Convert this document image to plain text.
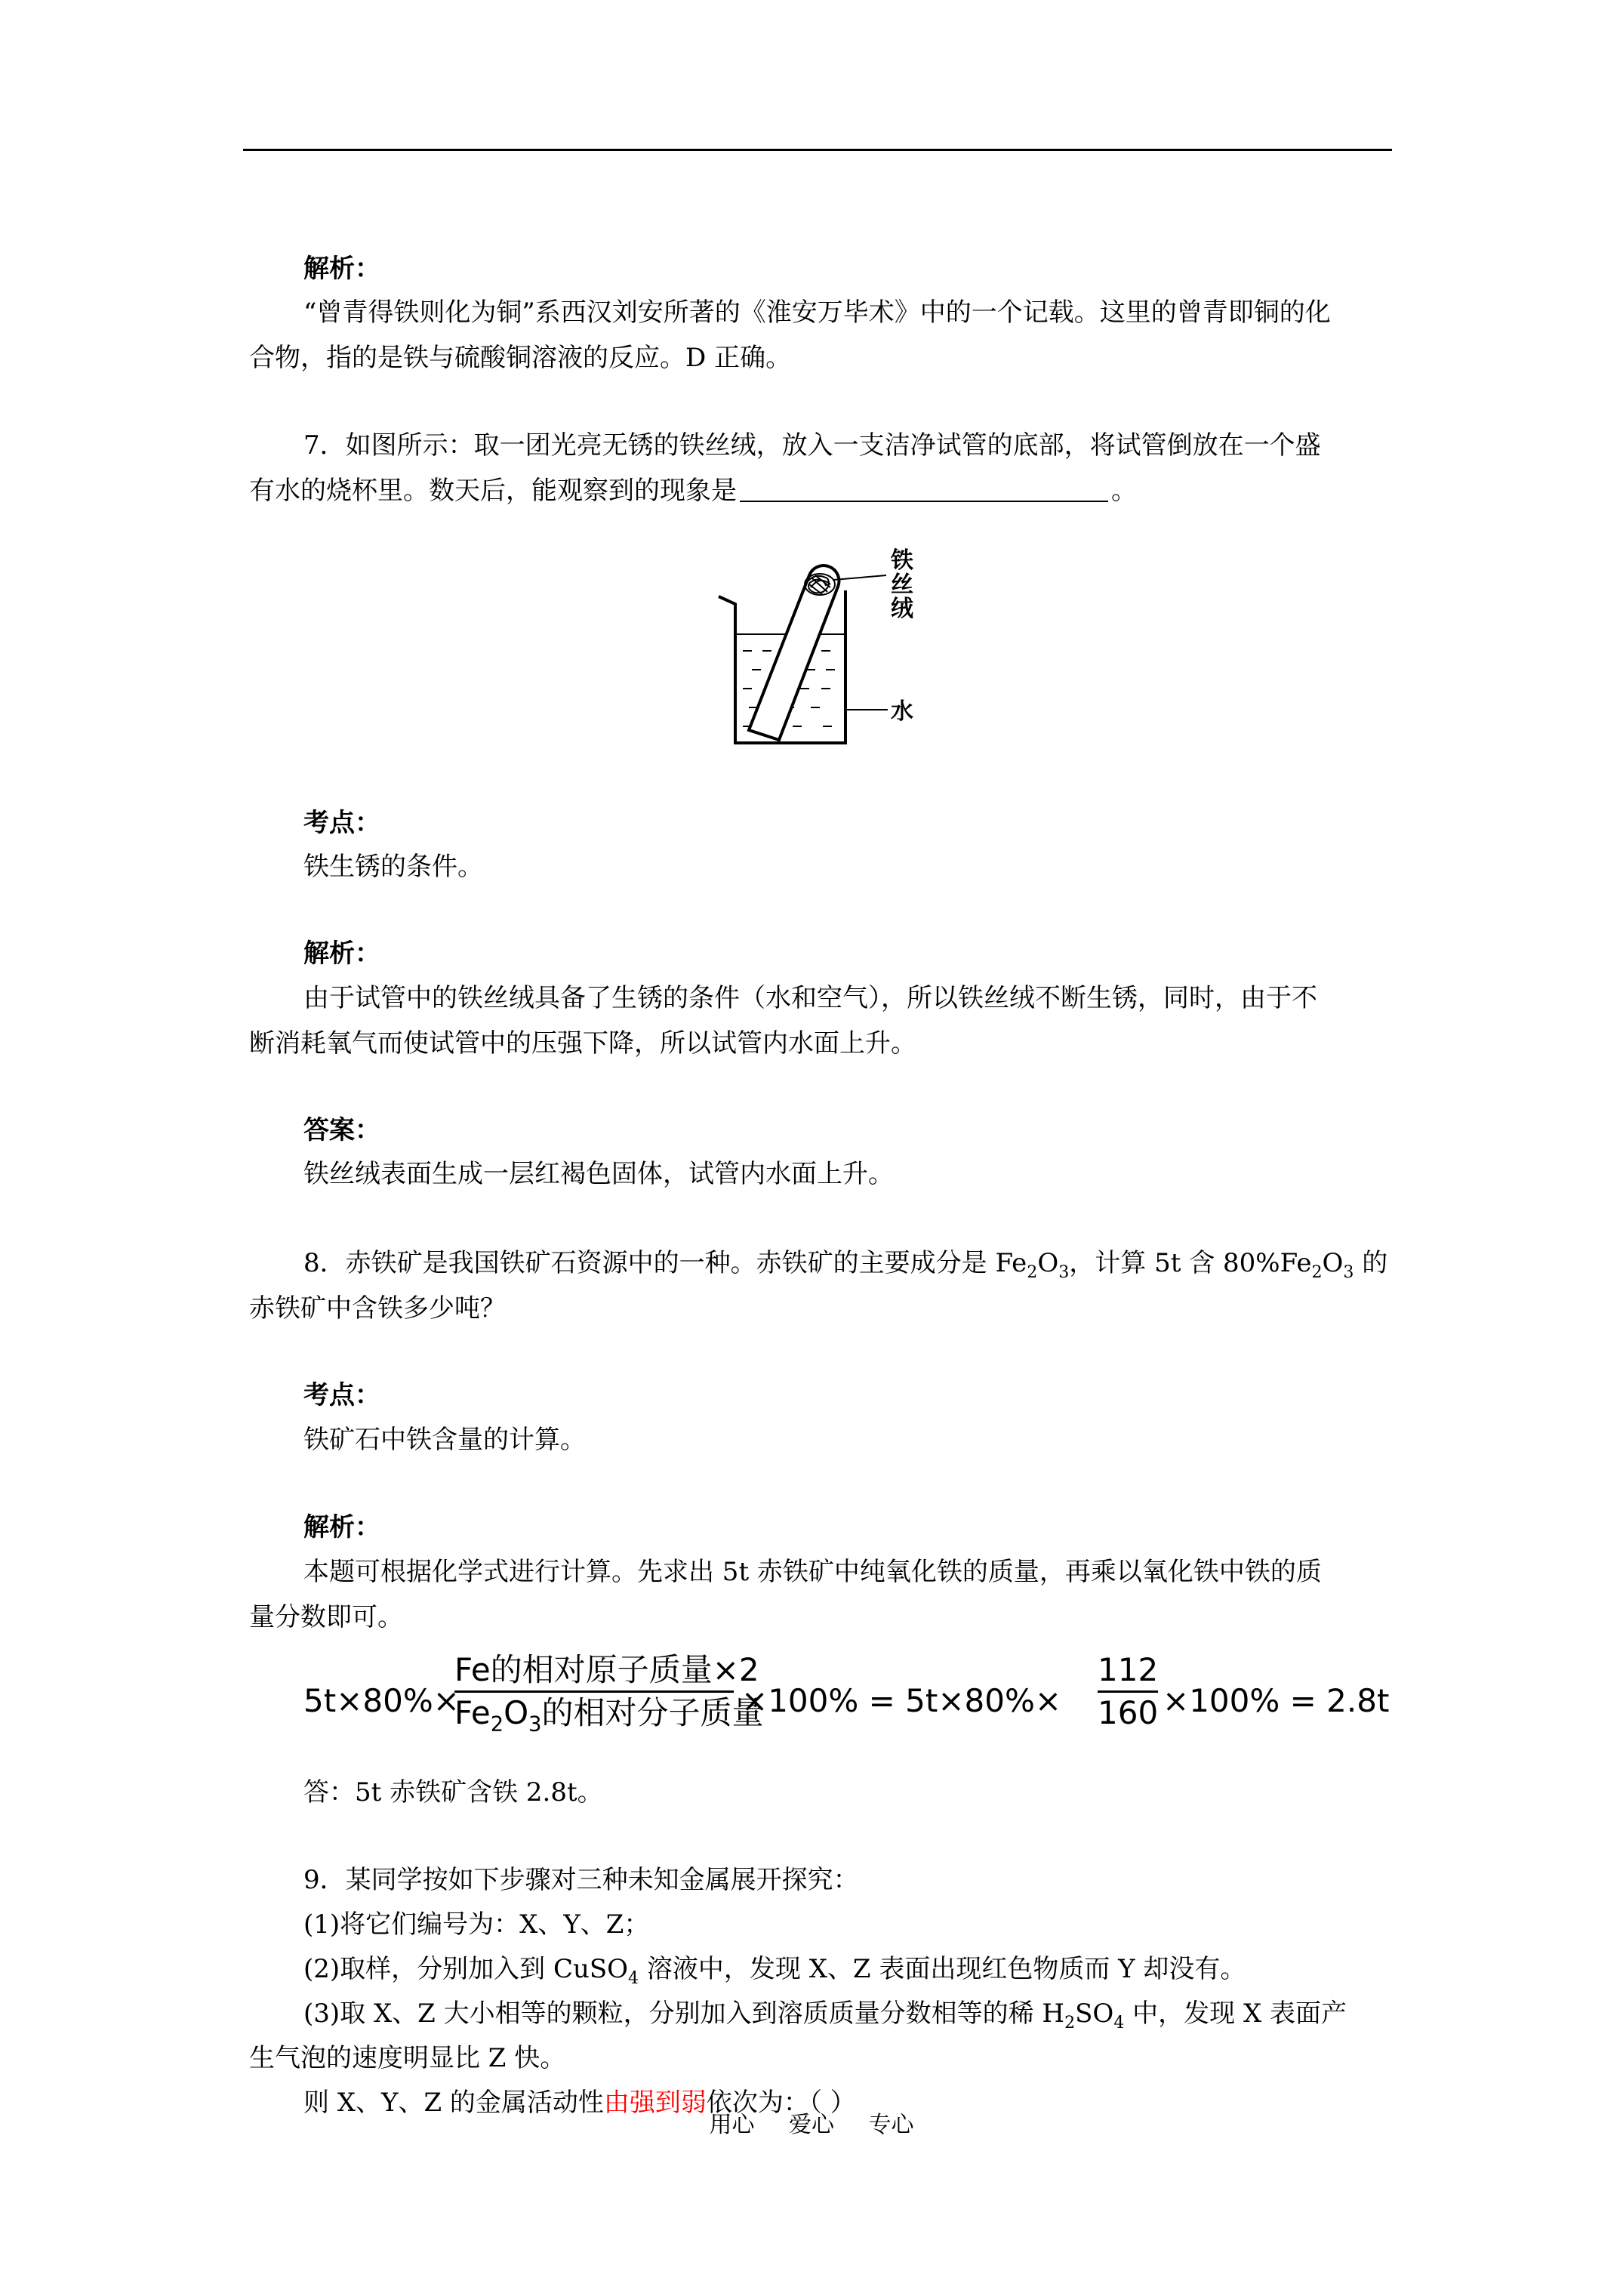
解析：
“曾青得铁则化为铜”系西汉刘安所著的《淮安万毕术》中的一个记载。这里的曾青即铜的化
合物，指的是铁与硫酸铜溶液的反应。D 正确。
7．如图所示：取一团光亮无锈的铁丝绒，放入一支洁净试管的底部，将试管倒放在一个盛
有水的烧杯里。数天后，能观察到的现象是	。
铁
丝
绒
水
考点：
铁生锈的条件。
解析：
由于试管中的铁丝绒具备了生锈的条件（水和空气），所以铁丝绒不断生锈，同时，由于不
断消耗氧气而使试管中的压强下降，所以试管内水面上升。
答案：
铁丝绒表面生成一层红褐色固体，试管内水面上升。
8．赤铁矿是我国铁矿石资源中的一种。赤铁矿的主要成分是 $Fe_2O_3$，计算 5t 含 $80\%Fe_2O_3$ 的
赤铁矿中含铁多少吨？
考点：
铁矿石中铁含量的计算。
解析：
本题可根据化学式进行计算。先求出 5t 赤铁矿中纯氧化铁的质量，再乘以氧化铁中铁的质
量分数即可。
5t×80%×
Fe的相对原子质量×2
$Fe_2O_3$的相对分子质量
$\times 100\% = 5t\times 80\%\times \frac{112}{160} \times 100\% = 2.8t$
答：5t 赤铁矿含铁 2.8t。
9．某同学按如下步骤对三种未知金属展开探究：
(1)将它们编号为：X、Y、Z；
(2)取样，分别加入到 CuSO$_4$ 溶液中，发现 X、Z 表面出现红色物质而 Y 却没有。
(3)取 X、Z 大小相等的颗粒，分别加入到溶质质量分数相等的稀 $H_2SO_4$ 中，发现 X 表面产
生气泡的速度明显比 Z 快。
则 X、Y、Z 的金属活动性由强到弱依次为：（ ）
用心 爱心 专心
